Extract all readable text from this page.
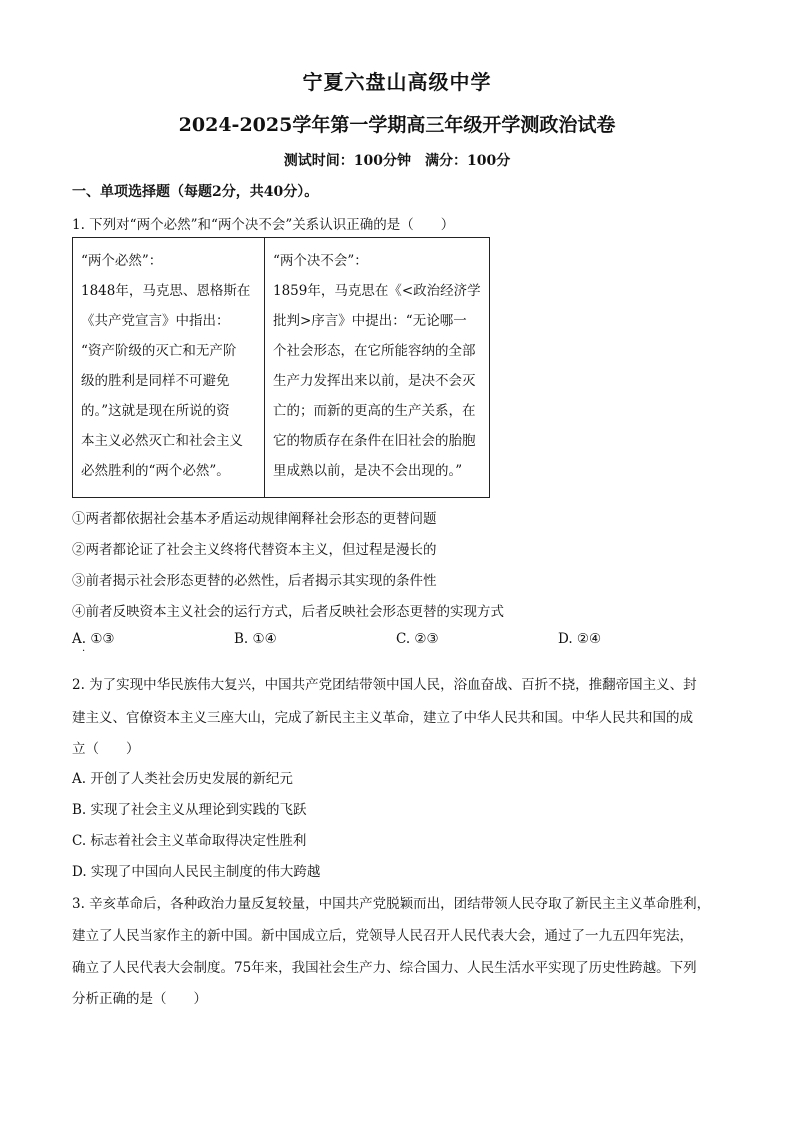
宁夏六盘山高级中学
2024-2025学年第一学期高三年级开学测政治试卷
测试时间：100分钟　满分：100分
一、单项选择题（每题2分，共40分）。
1. 下列对“两个必然”和“两个决不会”关系认识正确的是（　　）
“两个必然”：
1848年，马克思、恩格斯在
《共产党宣言》中指出：
“资产阶级的灭亡和无产阶
级的胜利是同样不可避免
的。”这就是现在所说的资
本主义必然灭亡和社会主义
必然胜利的“两个必然”。

“两个决不会”：
1859年，马克思在《<政治经济学
批判>序言》中提出：“无论哪一
个社会形态，在它所能容纳的全部
生产力发挥出来以前，是决不会灭
亡的；而新的更高的生产关系，在
它的物质存在条件在旧社会的胎胞
里成熟以前，是决不会出现的。”
①两者都依据社会基本矛盾运动规律阐释社会形态的更替问题
②两者都论证了社会主义终将代替资本主义，但过程是漫长的
③前者揭示社会形态更替的必然性，后者揭示其实现的条件性
④前者反映资本主义社会的运行方式，后者反映社会形态更替的实现方式
A. ①③	B. ①④	C. ②③	D. ②④
·
2. 为了实现中华民族伟大复兴，中国共产党团结带领中国人民，浴血奋战、百折不挠，推翻帝国主义、封
建主义、官僚资本主义三座大山，完成了新民主主义革命，建立了中华人民共和国。中华人民共和国的成
立（　　）
A. 开创了人类社会历史发展的新纪元
B. 实现了社会主义从理论到实践的飞跃
C. 标志着社会主义革命取得决定性胜利
D. 实现了中国向人民民主制度的伟大跨越
3. 辛亥革命后，各种政治力量反复较量，中国共产党脱颖而出，团结带领人民夺取了新民主主义革命胜利，
建立了人民当家作主的新中国。新中国成立后，党领导人民召开人民代表大会，通过了一九五四年宪法，
确立了人民代表大会制度。75年来，我国社会生产力、综合国力、人民生活水平实现了历史性跨越。下列
分析正确的是（　　）
